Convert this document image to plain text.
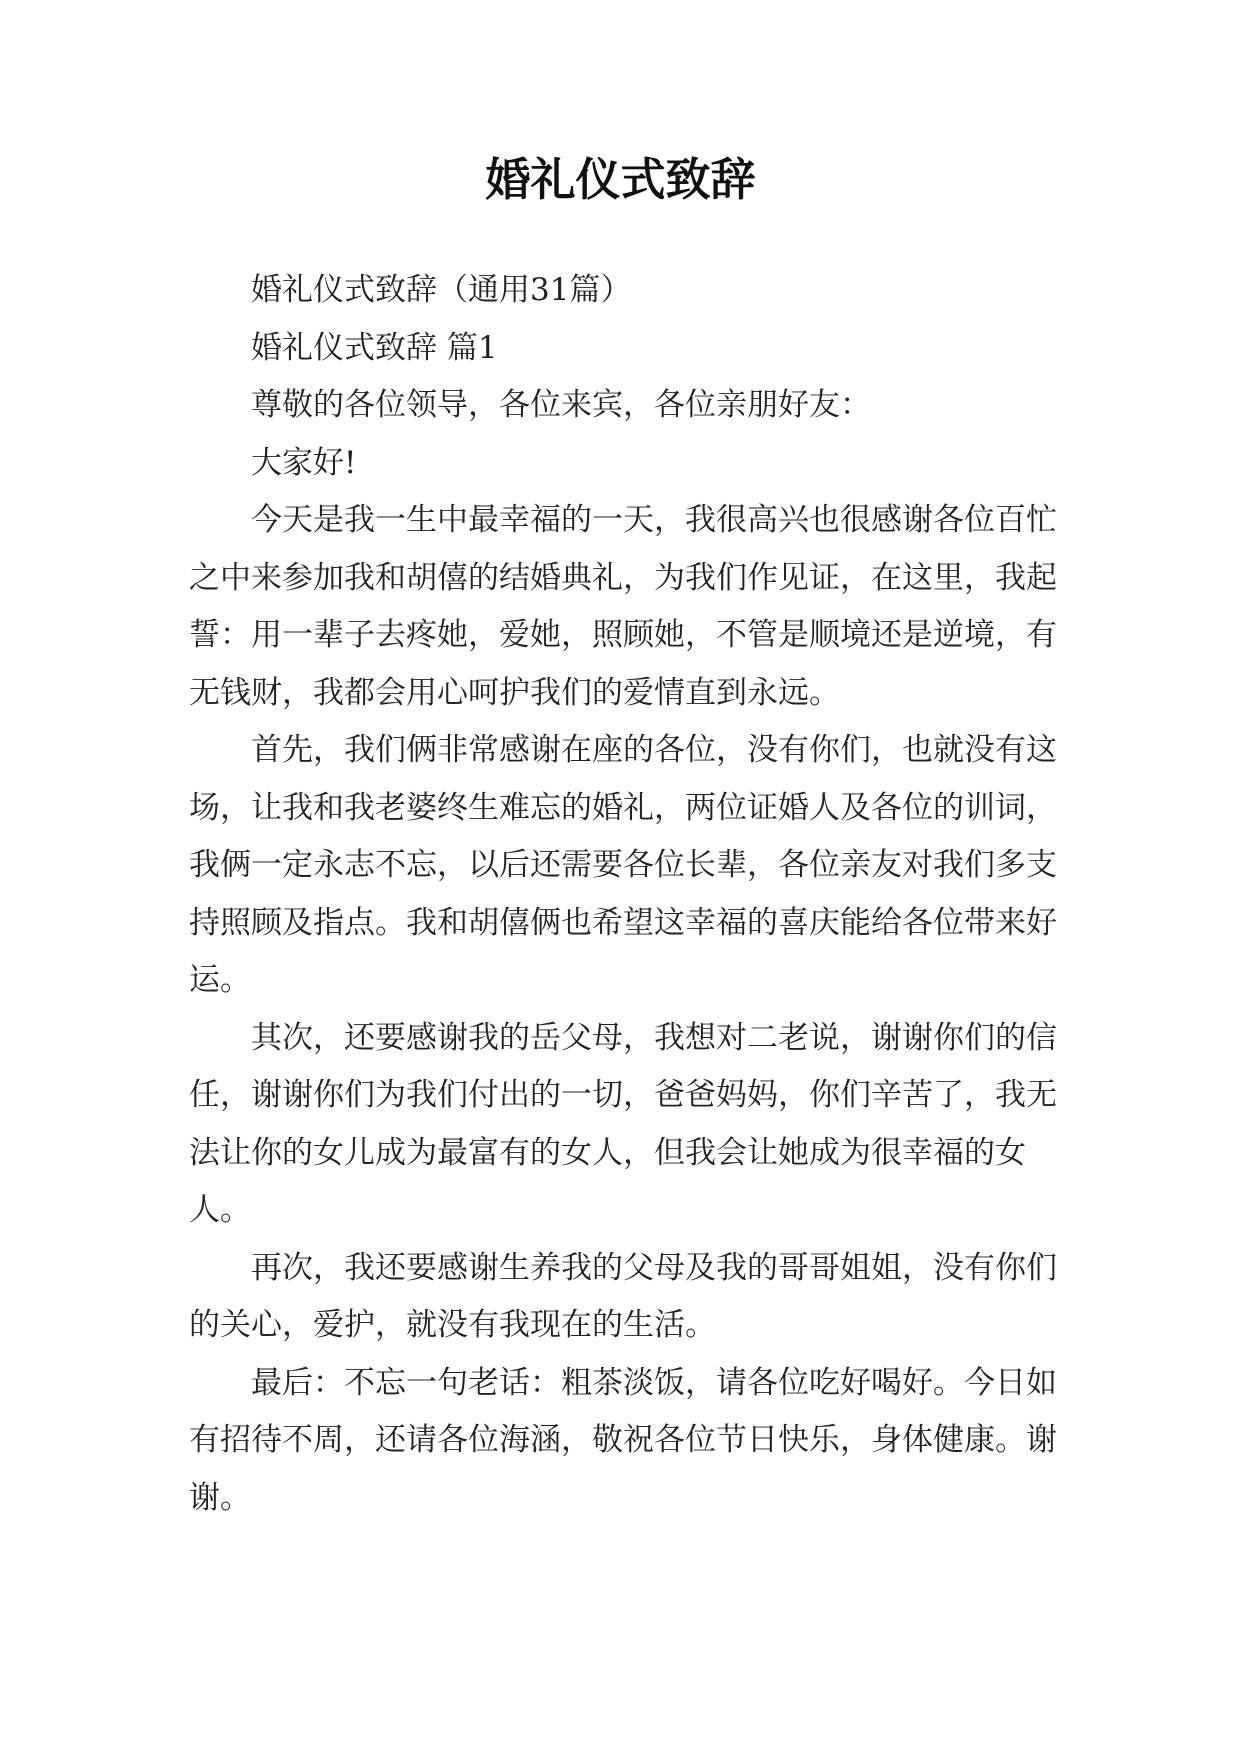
婚礼仪式致辞

婚礼仪式致辞（通用31篇）

婚礼仪式致辞 篇1

尊敬的各位领导，各位来宾，各位亲朋好友：

大家好!

今天是我一生中最幸福的一天，我很高兴也很感谢各位百忙之中来参加我和胡僖的结婚典礼，为我们作见证，在这里，我起誓：用一辈子去疼她，爱她，照顾她，不管是顺境还是逆境，有无钱财，我都会用心呵护我们的爱情直到永远。

首先，我们俩非常感谢在座的各位，没有你们，也就没有这场，让我和我老婆终生难忘的婚礼，两位证婚人及各位的训词，我俩一定永志不忘，以后还需要各位长辈，各位亲友对我们多支持照顾及指点。我和胡僖俩也希望这幸福的喜庆能给各位带来好运。

其次，还要感谢我的岳父母，我想对二老说，谢谢你们的信任，谢谢你们为我们付出的一切，爸爸妈妈，你们辛苦了，我无法让你的女儿成为最富有的女人，但我会让她成为很幸福的女人。

再次，我还要感谢生养我的父母及我的哥哥姐姐，没有你们的关心，爱护，就没有我现在的生活。

最后：不忘一句老话：粗茶淡饭，请各位吃好喝好。今日如有招待不周，还请各位海涵，敬祝各位节日快乐，身体健康。谢谢。
